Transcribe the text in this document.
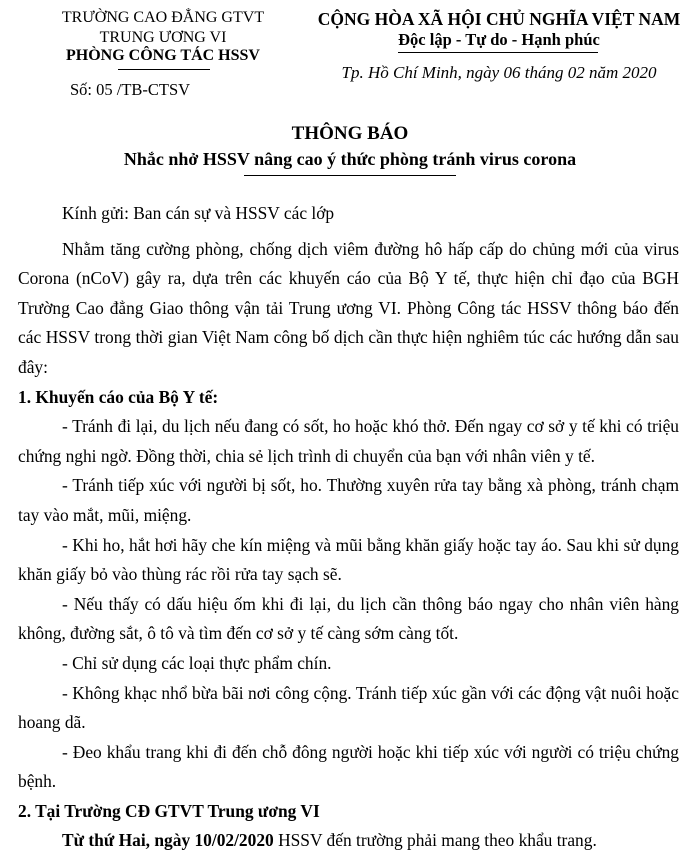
TRƯỜNG CAO ĐẲNG GTVT
TRUNG ƯƠNG VI
PHÒNG CÔNG TÁC HSSV
Số: 05 /TB-CTSV
CỘNG HÒA XÃ HỘI CHỦ NGHĨA VIỆT NAM
Độc lập - Tự do - Hạnh phúc
Tp. Hồ Chí Minh, ngày 06 tháng 02 năm 2020
THÔNG BÁO
Nhắc nhở HSSV nâng cao ý thức phòng tránh virus corona

Kính gửi: Ban cán sự và HSSV các lớp

Nhằm tăng cường phòng, chống dịch viêm đường hô hấp cấp do chủng mới của virus Corona (nCoV) gây ra, dựa trên các khuyến cáo của Bộ Y tế, thực hiện chỉ đạo của BGH Trường Cao đẳng Giao thông vận tải Trung ương VI. Phòng Công tác HSSV thông báo đến các HSSV trong thời gian Việt Nam công bố dịch cần thực hiện nghiêm túc các hướng dẫn sau đây:

1. Khuyến cáo của Bộ Y tế:

- Tránh đi lại, du lịch nếu đang có sốt, ho hoặc khó thở. Đến ngay cơ sở y tế khi có triệu chứng nghi ngờ. Đồng thời, chia sẻ lịch trình di chuyển của bạn với nhân viên y tế.

- Tránh tiếp xúc với người bị sốt, ho. Thường xuyên rửa tay bằng xà phòng, tránh chạm tay vào mắt, mũi, miệng.

- Khi ho, hắt hơi hãy che kín miệng và mũi bằng khăn giấy hoặc tay áo. Sau khi sử dụng khăn giấy bỏ vào thùng rác rồi rửa tay sạch sẽ.

- Nếu thấy có dấu hiệu ốm khi đi lại, du lịch cần thông báo ngay cho nhân viên hàng không, đường sắt, ô tô và tìm đến cơ sở y tế càng sớm càng tốt.

- Chỉ sử dụng các loại thực phẩm chín.

- Không khạc nhổ bừa bãi nơi công cộng. Tránh tiếp xúc gần với các động vật nuôi hoặc hoang dã.

- Đeo khẩu trang khi đi đến chỗ đông người hoặc khi tiếp xúc với người có triệu chứng bệnh.

2. Tại Trường CĐ GTVT Trung ương VI

Từ thứ Hai, ngày 10/02/2020 HSSV đến trường phải mang theo khẩu trang.
